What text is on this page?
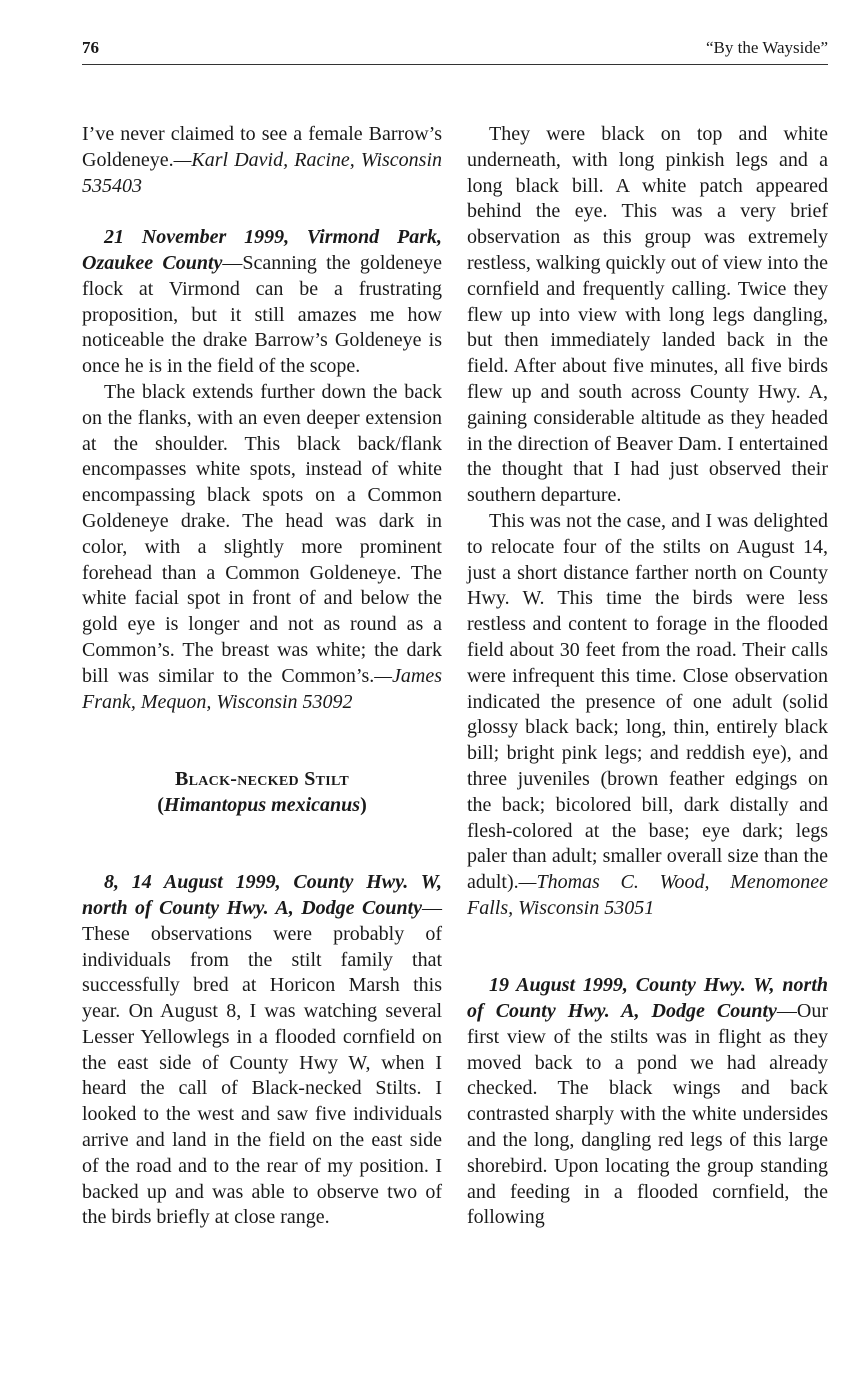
76	“By the Wayside”

I’ve never claimed to see a female Barrow’s Goldeneye.—Karl David, Racine, Wisconsin 535403

21 November 1999, Virmond Park, Ozaukee County—Scanning the goldeneye flock at Virmond can be a frustrating proposition, but it still amazes me how noticeable the drake Barrow’s Goldeneye is once he is in the field of the scope.

The black extends further down the back on the flanks, with an even deeper extension at the shoulder. This black back/flank encompasses white spots, instead of white encompassing black spots on a Common Goldeneye drake. The head was dark in color, with a slightly more prominent forehead than a Common Goldeneye. The white facial spot in front of and below the gold eye is longer and not as round as a Common’s. The breast was white; the dark bill was similar to the Common’s.—James Frank, Mequon, Wisconsin 53092

Black-necked Stilt

(Himantopus mexicanus)

8, 14 August 1999, County Hwy. W, north of County Hwy. A, Dodge County— These observations were probably of individuals from the stilt family that successfully bred at Horicon Marsh this year. On August 8, I was watching several Lesser Yellowlegs in a flooded cornfield on the east side of County Hwy W, when I heard the call of Black-necked Stilts. I looked to the west and saw five individuals arrive and land in the field on the east side of the road and to the rear of my position. I backed up and was able to observe two of the birds briefly at close range.

They were black on top and white underneath, with long pinkish legs and a long black bill. A white patch appeared behind the eye. This was a very brief observation as this group was extremely restless, walking quickly out of view into the cornfield and frequently calling. Twice they flew up into view with long legs dangling, but then immediately landed back in the field. After about five minutes, all five birds flew up and south across County Hwy. A, gaining considerable altitude as they headed in the direction of Beaver Dam. I entertained the thought that I had just observed their southern departure.

This was not the case, and I was delighted to relocate four of the stilts on August 14, just a short distance farther north on County Hwy. W. This time the birds were less restless and content to forage in the flooded field about 30 feet from the road. Their calls were infrequent this time. Close observation indicated the presence of one adult (solid glossy black back; long, thin, entirely black bill; bright pink legs; and reddish eye), and three juveniles (brown feather edgings on the back; bicolored bill, dark distally and flesh-colored at the base; eye dark; legs paler than adult; smaller overall size than the adult).—Thomas C. Wood, Menomonee Falls, Wisconsin 53051

19 August 1999, County Hwy. W, north of County Hwy. A, Dodge County—Our first view of the stilts was in flight as they moved back to a pond we had already checked. The black wings and back contrasted sharply with the white undersides and the long, dangling red legs of this large shorebird. Upon locating the group standing and feeding in a flooded cornfield, the following
